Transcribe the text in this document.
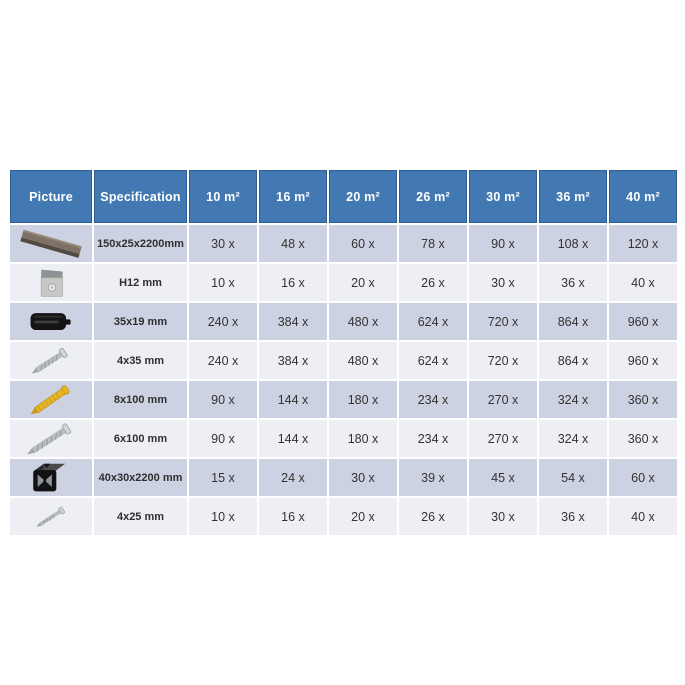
Picture	Specification	10 m²	16 m²	20 m²	26 m²	30 m²	36 m²	40 m²

	150x25x2200mm	30 x	48 x	60 x	78 x	90 x	108 x	120 x

	H12 mm	10 x	16 x	20 x	26 x	30 x	36 x	40 x

	35x19 mm	240 x	384 x	480 x	624 x	720 x	864 x	960 x

	4x35 mm	240 x	384 x	480 x	624 x	720 x	864 x	960 x

	8x100 mm	90 x	144 x	180 x	234 x	270 x	324 x	360 x

	6x100 mm	90 x	144 x	180 x	234 x	270 x	324 x	360 x

	40x30x2200 mm	15 x	24 x	30 x	39 x	45 x	54 x	60 x

	4x25 mm	10 x	16 x	20 x	26 x	30 x	36 x	40 x
